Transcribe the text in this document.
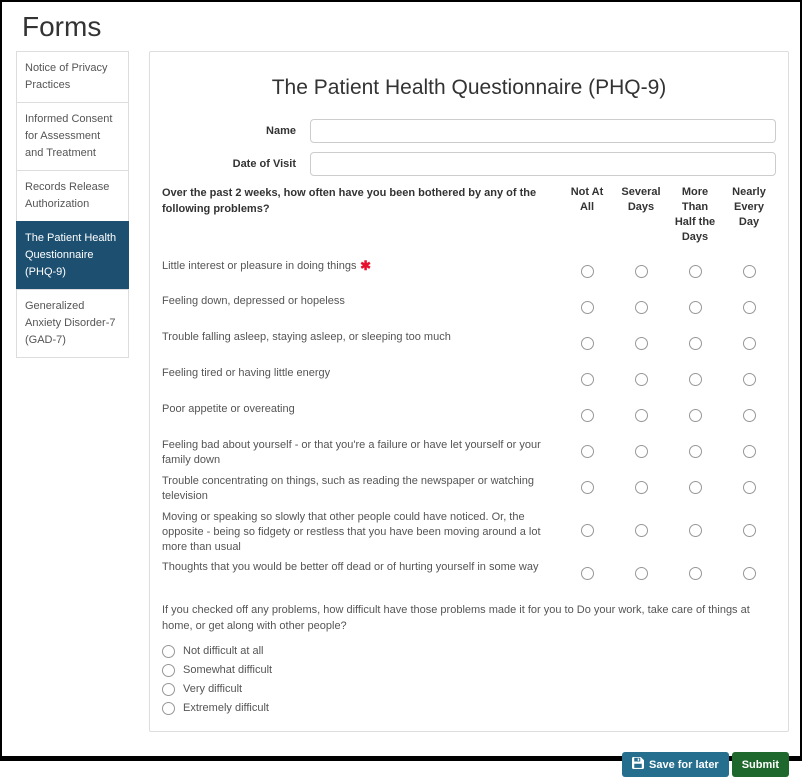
Forms
Notice of Privacy Practices
Informed Consent for Assessment and Treatment
Records Release Authorization
The Patient Health Questionnaire (PHQ-9)
Generalized Anxiety Disorder-7 (GAD-7)
The Patient Health Questionnaire (PHQ-9)
Name
Date of Visit
Over the past 2 weeks, how often have you been bothered by any of the following problems?
Not At All
Several Days
More Than Half the Days
Nearly Every Day
Little interest or pleasure in doing things ✱
Feeling down, depressed or hopeless
Trouble falling asleep, staying asleep, or sleeping too much
Feeling tired or having little energy
Poor appetite or overeating
Feeling bad about yourself - or that you're a failure or have let yourself or your family down
Trouble concentrating on things, such as reading the newspaper or watching television
Moving or speaking so slowly that other people could have noticed. Or, the opposite - being so fidgety or restless that you have been moving around a lot more than usual
Thoughts that you would be better off dead or of hurting yourself in some way
If you checked off any problems, how difficult have those problems made it for you to Do your work, take care of things at home, or get along with other people?
Not difficult at all
Somewhat difficult
Very difficult
Extremely difficult
Save for later Submit
